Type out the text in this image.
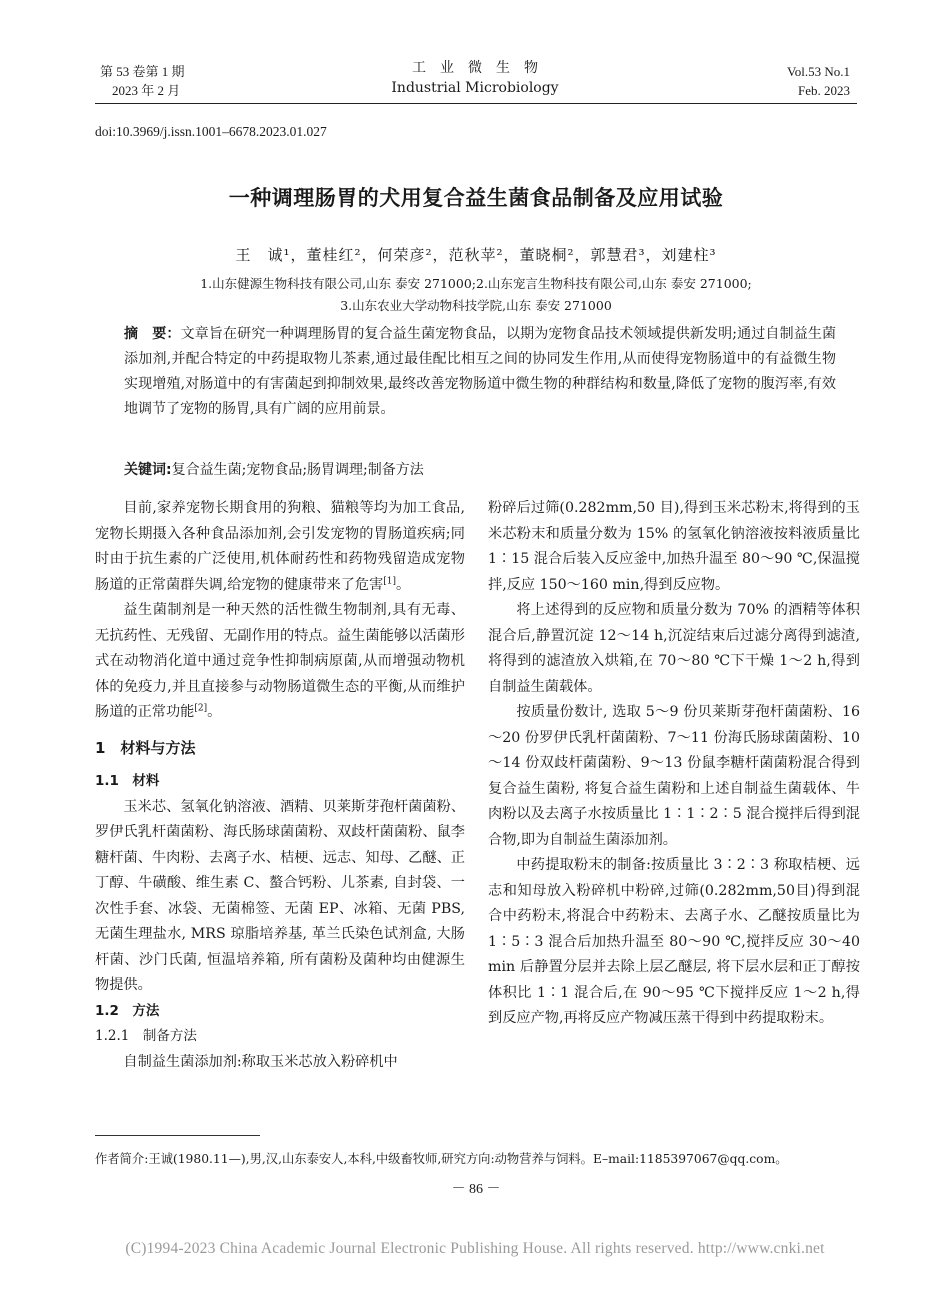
第 53 卷第 1 期
2023 年 2 月
工业微生物
Industrial Microbiology
Vol.53 No.1
Feb. 2023
doi:10.3969/j.issn.1001–6678.2023.01.027
一种调理肠胃的犬用复合益生菌食品制备及应用试验
王　诚¹，董桂红²，何荣彦²，范秋苹²，董晓桐²，郭慧君³，刘建柱³
1.山东健源生物科技有限公司,山东 泰安 271000;2.山东宠言生物科技有限公司,山东 泰安 271000;
3.山东农业大学动物科技学院,山东 泰安 271000
摘　要：文章旨在研究一种调理肠胃的复合益生菌宠物食品，以期为宠物食品技术领域提供新发明;通过自制益生菌添加剂,并配合特定的中药提取物儿茶素,通过最佳配比相互之间的协同发生作用,从而使得宠物肠道中的有益微生物实现增殖,对肠道中的有害菌起到抑制效果,最终改善宠物肠道中微生物的种群结构和数量,降低了宠物的腹泻率,有效地调节了宠物的肠胃,具有广阔的应用前景。
关键词:复合益生菌;宠物食品;肠胃调理;制备方法

目前,家养宠物长期食用的狗粮、猫粮等均为加工食品,宠物长期摄入各种食品添加剂,会引发宠物的胃肠道疾病;同时由于抗生素的广泛使用,机体耐药性和药物残留造成宠物肠道的正常菌群失调,给宠物的健康带来了危害[1]。

益生菌制剂是一种天然的活性微生物制剂,具有无毒、无抗药性、无残留、无副作用的特点。益生菌能够以活菌形式在动物消化道中通过竞争性抑制病原菌,从而增强动物机体的免疫力,并且直接参与动物肠道微生态的平衡,从而维护肠道的正常功能[2]。

1　材料与方法

1.1　材料

玉米芯、氢氧化钠溶液、酒精、贝莱斯芽孢杆菌菌粉、罗伊氏乳杆菌菌粉、海氏肠球菌菌粉、双歧杆菌菌粉、鼠李糖杆菌、牛肉粉、去离子水、桔梗、远志、知母、乙醚、正丁醇、牛磺酸、维生素 C、螯合钙粉、儿茶素, 自封袋、一次性手套、冰袋、无菌棉签、无菌 EP、冰箱、无菌 PBS, 无菌生理盐水, MRS 琼脂培养基, 革兰氏染色试剂盒, 大肠杆菌、沙门氏菌, 恒温培养箱, 所有菌粉及菌种均由健源生物提供。

1.2　方法

1.2.1　制备方法

自制益生菌添加剂:称取玉米芯放入粉碎机中

粉碎后过筛(0.282mm,50 目),得到玉米芯粉末,将得到的玉米芯粉末和质量分数为 15% 的氢氧化钠溶液按料液质量比 1∶15 混合后装入反应釜中,加热升温至 80～90 ℃,保温搅拌,反应 150～160 min,得到反应物。

将上述得到的反应物和质量分数为 70% 的酒精等体积混合后,静置沉淀 12～14 h,沉淀结束后过滤分离得到滤渣,将得到的滤渣放入烘箱,在 70～80 ℃下干燥 1～2 h,得到自制益生菌载体。

按质量份数计, 选取 5～9 份贝莱斯芽孢杆菌菌粉、16～20 份罗伊氏乳杆菌菌粉、7～11 份海氏肠球菌菌粉、10～14 份双歧杆菌菌粉、9～13 份鼠李糖杆菌菌粉混合得到复合益生菌粉, 将复合益生菌粉和上述自制益生菌载体、牛肉粉以及去离子水按质量比 1∶1∶2∶5 混合搅拌后得到混合物,即为自制益生菌添加剂。

中药提取粉末的制备:按质量比 3∶2∶3 称取桔梗、远志和知母放入粉碎机中粉碎,过筛(0.282mm,50目)得到混合中药粉末,将混合中药粉末、去离子水、乙醚按质量比为 1∶5∶3 混合后加热升温至 80～90 ℃,搅拌反应 30～40 min 后静置分层并去除上层乙醚层, 将下层水层和正丁醇按体积比 1∶1 混合后,在 90～95 ℃下搅拌反应 1～2 h,得到反应产物,再将反应产物减压蒸干得到中药提取粉末。

作者简介:王诚(1980.11—),男,汉,山东泰安人,本科,中级畜牧师,研究方向:动物营养与饲料。E–mail:1185397067@qq.com。
－ 86 －
(C)1994-2023 China Academic Journal Electronic Publishing House. All rights reserved. http://www.cnki.net
